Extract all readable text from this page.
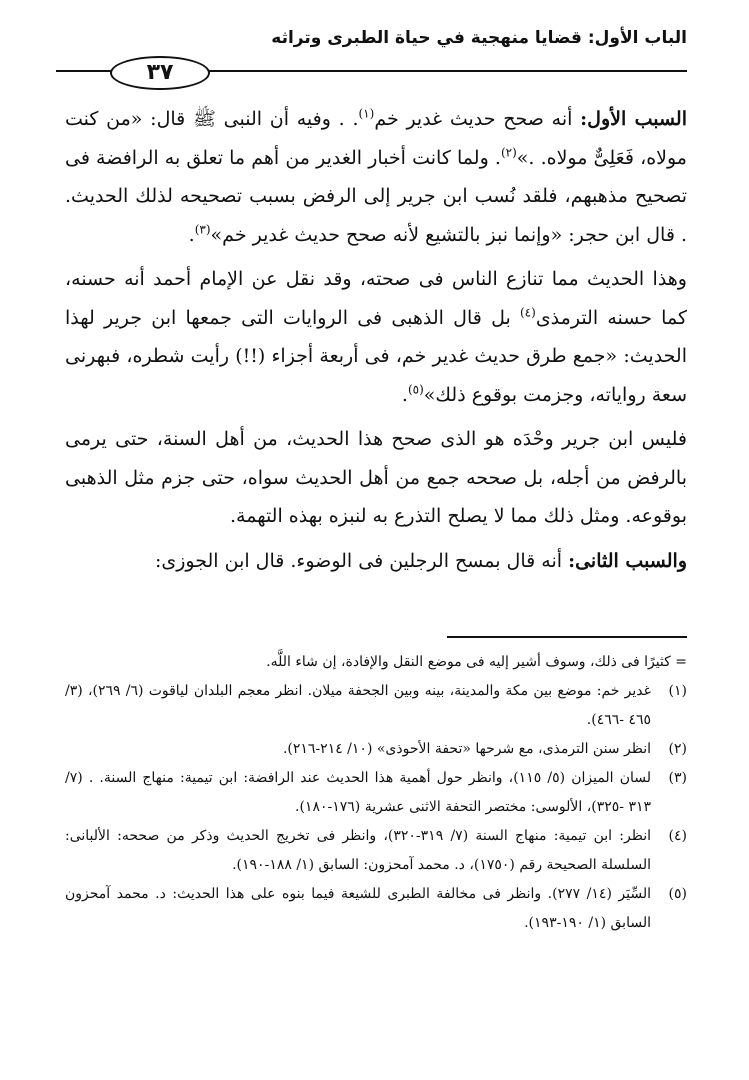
الباب الأول: قضايا منهجية في حياة الطبرى وتراثه
٣٧

السبب الأول: أنه صحح حديث غدير خم$^{(١)}$. . وفيه أن النبى ﷺ قال: «من كنت مولاه، فَعَلِىٌّ مولاه. .»$^{(٢)}$. ولما كانت أخبار الغدير من أهم ما تعلق به الرافضة فى تصحيح مذهبهم، فلقد نُسب ابن جرير إلى الرفض بسبب تصحيحه لذلك الحديث. . قال ابن حجر: «وإنما نبز بالتشيع لأنه صحح حديث غدير خم»$^{(٣)}$.

وهذا الحديث مما تنازع الناس فى صحته، وقد نقل عن الإمام أحمد أنه حسنه، كما حسنه الترمذى$^{(٤)}$ بل قال الذهبى فى الروايات التى جمعها ابن جرير لهذا الحديث: «جمع طرق حديث غدير خم، فى أربعة أجزاء (!!) رأيت شطره، فبهرنى سعة رواياته، وجزمت بوقوع ذلك»$^{(٥)}$.

فليس ابن جرير وحْدَه هو الذى صحح هذا الحديث، من أهل السنة، حتى يرمى بالرفض من أجله، بل صححه جمع من أهل الحديث سواه، حتى جزم مثل الذهبى بوقوعه. ومثل ذلك مما لا يصلح التذرع به لنبزه بهذه التهمة.

والسبب الثانى: أنه قال بمسح الرجلين فى الوضوء. قال ابن الجوزى:

= كثيرًا فى ذلك، وسوف أشير إليه فى موضع النقل والإفادة، إن شاء اللَّه.

(١)
غدير خم: موضع بين مكة والمدينة، بينه وبين الجحفة ميلان. انظر معجم البلدان لياقوت (٦/ ٢٦٩)، (٣/ ٤٦٥ -٤٦٦).

(٢)
انظر سنن الترمذى، مع شرحها «تحفة الأحوذى» (١٠/ ٢١٤-٢١٦).

(٣)
لسان الميزان (٥/ ١١٥)، وانظر حول أهمية هذا الحديث عند الرافضة: ابن تيمية: منهاج السنة. . (٧/ ٣١٣ -٣٢٥)، الألوسى: مختصر التحفة الاثنى عشرية (١٧٦-١٨٠).

(٤)
انظر: ابن تيمية: منهاج السنة (٧/ ٣١٩-٣٢٠)، وانظر فى تخريج الحديث وذكر من صححه: الألبانى: السلسلة الصحيحة رقم (١٧٥٠)، د. محمد آمحزون: السابق (١/ ١٨٨-١٩٠).

(٥)
السِّيَر (١٤/ ٢٧٧). وانظر فى مخالفة الطبرى للشيعة فيما بنوه على هذا الحديث: د. محمد آمحزون السابق (١/ ١٩٠-١٩٣).
